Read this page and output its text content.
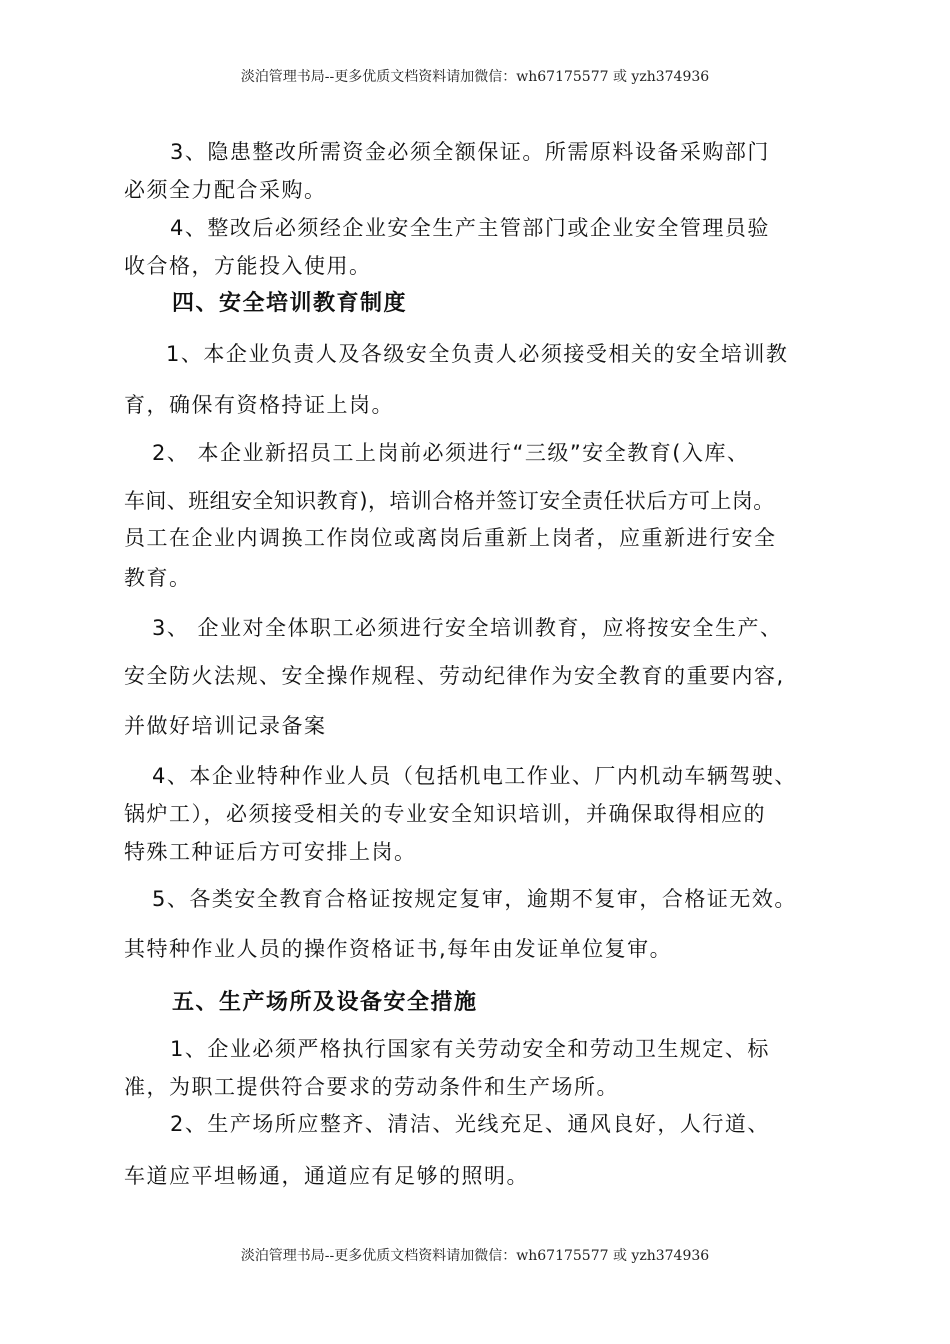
淡泊管理书局--更多优质文档资料请加微信：wh67175577 或 yzh374936
3、隐患整改所需资金必须全额保证。所需原料设备采购部门
必须全力配合采购。
4、整改后必须经企业安全生产主管部门或企业安全管理员验
收合格，方能投入使用。
四、安全培训教育制度
1、本企业负责人及各级安全负责人必须接受相关的安全培训教
育，确保有资格持证上岗。
2、 本企业新招员工上岗前必须进行“三级”安全教育(入库、
车间、班组安全知识教育)，培训合格并签订安全责任状后方可上岗。
员工在企业内调换工作岗位或离岗后重新上岗者，应重新进行安全
教育。
3、 企业对全体职工必须进行安全培训教育，应将按安全生产、
安全防火法规、安全操作规程、劳动纪律作为安全教育的重要内容,
并做好培训记录备案
4、本企业特种作业人员（包括机电工作业、厂内机动车辆驾驶、
锅炉工），必须接受相关的专业安全知识培训，并确保取得相应的
特殊工种证后方可安排上岗。
5、各类安全教育合格证按规定复审，逾期不复审，合格证无效。
其特种作业人员的操作资格证书,每年由发证单位复审。
五、生产场所及设备安全措施
1、企业必须严格执行国家有关劳动安全和劳动卫生规定、标
准，为职工提供符合要求的劳动条件和生产场所。
2、生产场所应整齐、清洁、光线充足、通风良好，人行道、
车道应平坦畅通，通道应有足够的照明。
淡泊管理书局--更多优质文档资料请加微信：wh67175577 或 yzh374936
